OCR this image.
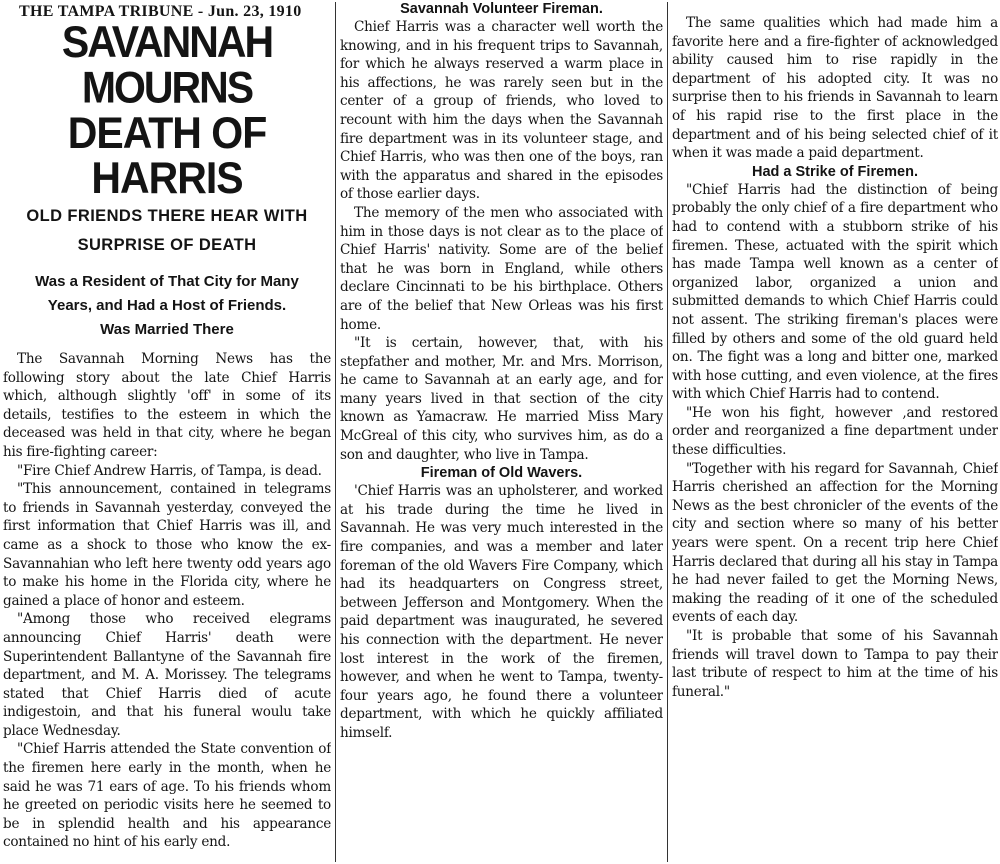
THE TAMPA TRIBUNE - Jun. 23, 1910
SAVANNAH MOURNS
DEATH OF HARRIS
OLD FRIENDS THERE HEAR WITH
SURPRISE OF DEATH
Was a Resident of That City for Many
Years, and Had a Host of Friends.
Was Married There

The Savannah Morning News has the following story about the late Chief Harris which, although slightly 'off' in some of its details, testifies to the esteem in which the deceased was held in that city, where he began his fire-fighting career:

"Fire Chief Andrew Harris, of Tampa, is dead.

"This announcement, contained in telegrams to friends in Savannah yesterday, conveyed the first information that Chief Harris was ill, and came as a shock to those who know the ex-Savannahian who left here twenty odd years ago to make his home in the Florida city, where he gained a place of honor and esteem.

"Among those who received elegrams announcing Chief Harris' death were Superintendent Ballantyne of the Savannah fire department, and M. A. Morissey. The telegrams stated that Chief Harris died of acute indigestoin, and that his funeral woulu take place Wednesday.

"Chief Harris attended the State convention of the firemen here early in the month, when he said he was 71 ears of age. To his friends whom he greeted on periodic visits here he seemed to be in splendid health and his appearance contained no hint of his early end.

Savannah Volunteer Fireman.

Chief Harris was a character well worth the knowing, and in his frequent trips to Savannah, for which he always reserved a warm place in his affections, he was rarely seen but in the center of a group of friends, who loved to recount with him the days when the Savannah fire department was in its volunteer stage, and Chief Harris, who was then one of the boys, ran with the apparatus and shared in the episodes of those earlier days.

The memory of the men who associated with him in those days is not clear as to the place of Chief Harris' nativity. Some are of the belief that he was born in England, while others declare Cincinnati to be his birthplace. Others are of the belief that New Orleas was his first home.

"It is certain, however, that, with his stepfather and mother, Mr. and Mrs. Morrison, he came to Savannah at an early age, and for many years lived in that section of the city known as Yamacraw. He married Miss Mary McGreal of this city, who survives him, as do a son and daughter, who live in Tampa.

Fireman of Old Wavers.

'Chief Harris was an upholsterer, and worked at his trade during the time he lived in Savannah. He was very much interested in the fire companies, and was a member and later foreman of the old Wavers Fire Company, which had its headquarters on Congress street, between Jefferson and Montgomery. When the paid department was inaugurated, he severed his connection with the department. He never lost interest in the work of the firemen, however, and when he went to Tampa, twenty-four years ago, he found there a volunteer department, with which he quickly affiliated himself.

The same qualities which had made him a favorite here and a fire-fighter of acknowledged ability caused him to rise rapidly in the department of his adopted city. It was no surprise then to his friends in Savannah to learn of his rapid rise to the first place in the department and of his being selected chief of it when it was made a paid department.

Had a Strike of Firemen.

"Chief Harris had the distinction of being probably the only chief of a fire department who had to contend with a stubborn strike of his firemen. These, actuated with the spirit which has made Tampa well known as a center of organized labor, organized a union and submitted demands to which Chief Harris could not assent. The striking fireman's places were filled by others and some of the old guard held on. The fight was a long and bitter one, marked with hose cutting, and even violence, at the fires with which Chief Harris had to contend.

"He won his fight, however ,and restored order and reorganized a fine department under these difficulties.

"Together with his regard for Savannah, Chief Harris cherished an affection for the Morning News as the best chronicler of the events of the city and section where so many of his better years were spent. On a recent trip here Chief Harris declared that during all his stay in Tampa he had never failed to get the Morning News, making the reading of it one of the scheduled events of each day.

"It is probable that some of his Savannah friends will travel down to Tampa to pay their last tribute of respect to him at the time of his funeral."
